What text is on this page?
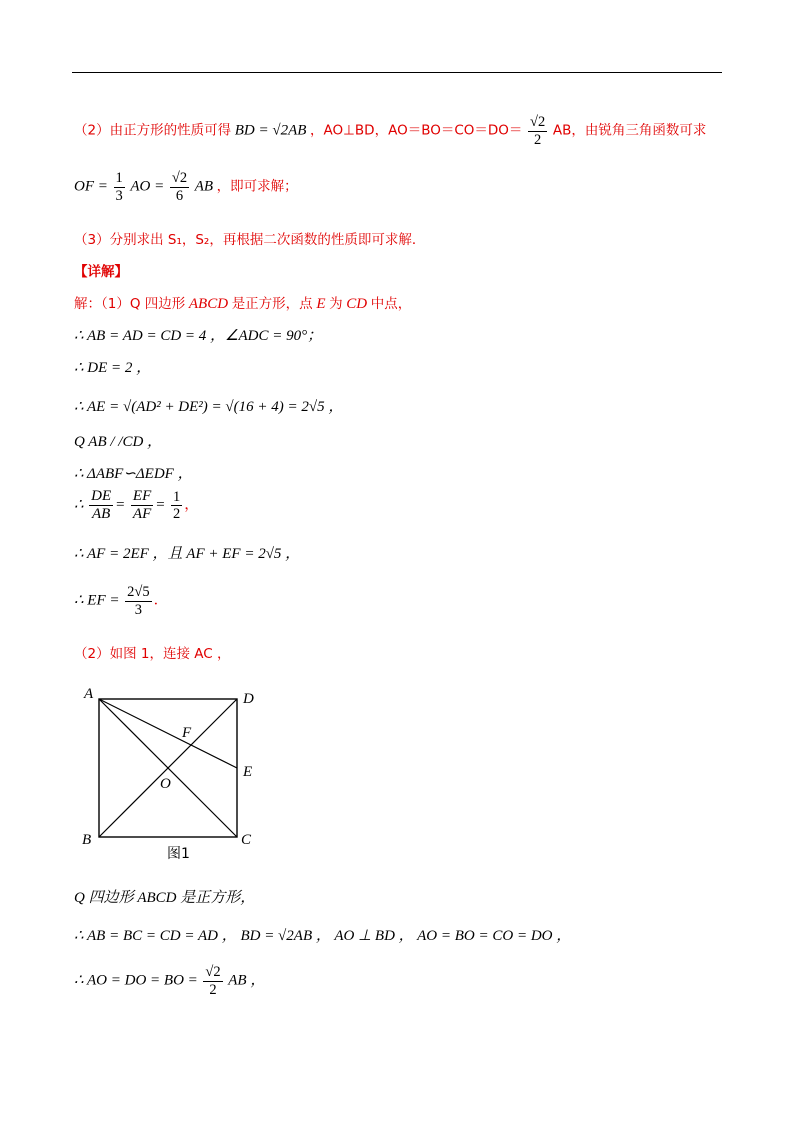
（2）由正方形的性质可得 BD = √2AB ，AO⊥BD，$AO=BO=CO=DO= \frac{√2}{2}$ AB，由锐角三角函数可求
OF = $\frac{1}{3}$ AO = $\frac{√2}{6}$ AB ，即可求解；
（3）分别求出 S₁，S₂，再根据二次函数的性质即可求解．
【详解】
解：（1）Q 四边形 ABCD 是正方形，点 E 为 CD 中点，
∴ AB = AD = CD = 4 ，∠ADC = 90°；
∴ DE = 2 ，
∴ AE = √(AD² + DE²) = √(16 + 4) = 2√5 ，
Q AB / /CD ，
∴ ΔABF∽ΔEDF ，
∴ $\frac{DE}{AB} = \frac{EF}{AF} = \frac{1}{2}$ ，
∴ AF = 2EF ，且 AF + EF = 2√5 ，
∴ EF = $\frac{2√5}{3}$ ．
（2）如图 1，连接 AC ，
A	D
E
F
O
B	C
图1
Q 四边形 ABCD 是正方形，
∴ AB = BC = CD = AD ， BD = √2AB ， AO ⊥ BD ， AO = BO = CO = DO ，
∴ AO = DO = BO = $\frac{√2}{2}$ AB ，
